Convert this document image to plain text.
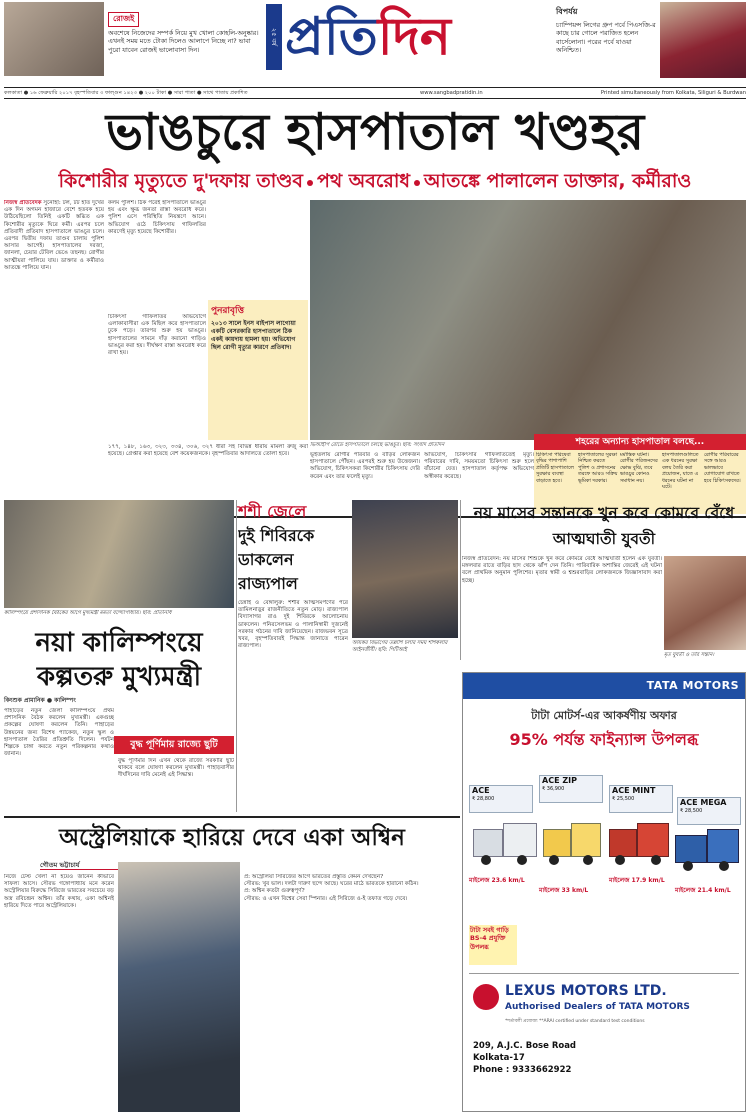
রোজই
অবশেষে নিজেদের সম্পর্ক নিয়ে মুখ খোলা কোহলি-অনুষ্কার। এখনই সময় মতে টোকা দিলেও আলাপে নিচ্ছে না? ভাবা পুরো যাবেন রোজই ভালোবাসা দিন।
২৫ বর্ষ প্রতিদিন	বিপর্যয়
চ্যাম্পিয়ন্স লিগের গ্রুপ পর্বে পিএসজি-র কাছে চার গোলে পরাজিত হলেন বার্সেলোনা। পরের পর্বে যাওয়া অনিশ্চিত।
কলকাতা ● ১৬ ফেব্রুয়ারি ২০১৭ বৃহস্পতিবার ৩ ফাল্গুন ১৪২৩ ● ২০০ টাকা ● সারা পাতা ● সাথে পাতায় প্রকাশিত	www.sangbadpratidin.in	Printed simultaneously from Kolkata, Siliguri & Burdwan
ভাঙচুরে হাসপাতাল খণ্ডহর
কিশোরীর মৃত্যুতে দু'দফায় তাণ্ডব পথ অবরোধ আতঙ্কে পালালেন ডাক্তার, কর্মীরাও
নিজস্ব প্রতিবেদক সুনোহা: টল, টট হাত দুখের এক দিন অগমন হাজারে বেশে হতবক হয়ে উঠিয়েছিলো তিনিই একটি স্তব্ধিত এক কিশোরীর মৃত্যুকে ঘিরে কর্মী। এরপর চলে প্রতিবাদী প্রতিবাদ হাসপাতালে ভাঙচুর চলে। এরপর দ্বিতীয় দফায় তাণ্ডব চালায় পুলিশ আসার আগেই। হাসপাতালের দরজা, জানলা, চেয়ার টেবিল ভেঙে তছনছ। রোগীর আত্মীয়রা পালিয়ে যায়। ডাক্তার ও কর্মীরাও আতঙ্কে পালিয়ে যান।
কলম পুলিশ। ঠিক পরেই হাসপাতালে ভাঙচুর হয় এবং ক্ষুব্ধ জনতা রাস্তা অবরোধ করে। পুলিশ এসে পরিস্থিতি নিয়ন্ত্রণে আনে। অভিযোগ ওঠে চিকিৎসায় গাফিলতির কারণেই মৃত্যু হয়েছে কিশোরীর।
পুনরাবৃত্তি
২০১৩ সালে ইনস বাইপাস লাগোয়া একটি বেসরকারি হাসপাতালে ঠিক একই কায়দায় হামলা হয়। অভিযোগ ছিল রোগী মৃত্যুর কারণে প্রতিবাদ।
চিকিৎসা গাফিলতির অভিযোগে এলাকাবাসীরা এক মিছিল করে হাসপাতালে ঢুকে পড়ে। তারপর শুরু হয় ভাঙচুর। হাসপাতালের সামনে দাঁড় করানো গাড়িও ভাঙচুর করা হয়। দীর্ঘক্ষণ রাস্তা অবরোধ করে রাখা হয়।
১৭৭, ১৪৮, ১৬৩, ৩২৩, ৩৩৪, ৩০৬, ৩২৭ ধারা সহ বিভিন্ন ধারায় মামলা রুজু করা হয়েছে। গ্রেপ্তার করা হয়েছে বেশ কয়েকজনকে। বৃহস্পতিবার আদালতে তোলা হবে।
ভিআইপি রোডে হাসপাতালে চলছে ভাঙচুর। ছবি: সংবাদ প্রতিদিন
ভূইতলায় রোগীর পরিবার ও বাড়ির লোকজন হাসপাতালে পৌঁছন। এরপরই শুরু হয় উত্তেজনা। অভিযোগ, চিকিৎসকরা কিশোরীর চিকিৎসায় দেরি করেন এবং তার ফলেই মৃত্যু।
অভিযোগ, চিকিৎসার গাফিলতিতেই মৃত্যু। পরিবারের দাবি, সময়মতো চিকিৎসা শুরু হলে বাঁচানো যেত। হাসপাতাল কর্তৃপক্ষ অভিযোগ অস্বীকার করেছে।
শহরের অন্যান্য হাসপাতাল বলছে...
চিকিৎসা পরিষেবা বৃদ্ধির পাশাপাশি প্রতিটি হাসপাতালে সুরক্ষার ব্যবস্থা বাড়াতে হবে।
হাসপাতালের সুরক্ষা নিশ্চিত করতে পুলিশ ও প্রশাসনের তরফে আরও সক্রিয় ভূমিকা দরকার।
মর্মান্তিক ঘটনা। রোগীর পরিজনদের ক্ষোভ বুঝি, তবে ভাঙচুর কোনও সমাধান নয়।
হাসপাতালগুলিতে এক ধরনের সুরক্ষা বলয় তৈরি করা প্রয়োজন, যাতে এ ধরনের ঘটনা না ঘটে।
রোগীর পরিবারের সঙ্গে আরও ভালভাবে যোগাযোগ রাখতে হবে চিকিৎসকদের।
কালিম্পংয়ে প্রশাসনিক বৈঠকের আগে মুখ্যমন্ত্রী মমতা বন্দ্যোপাধ্যায়। ছবি: প্রতিনিধি
শশী জেলে
দুই শিবিরকে ডাকলেন রাজ্যপাল
আয়কর বিভাগের তল্লাশি চলার সময় শশিকলার আইনজীবী। ছবি: পিটিআই
চেন্নাই ও বেঙ্গালুরু: শশীর আত্মসমর্পণের পরে তামিলনাড়ুর রাজনীতিতে নতুন মোড়। রাজ্যপাল বিদ্যাসাগর রাও দুই শিবিরকে আলোচনায় ডাকলেন। পনিরসেলভম ও পালানিস্বামী দুজনেই সরকার গঠনের দাবি জানিয়েছেন। রাজভবন সূত্রে খবর, বৃহস্পতিবারই সিদ্ধান্ত জানাতে পারেন রাজ্যপাল।
নয় মাসের সন্তানকে খুন করে কোমরে বেঁধে আত্মঘাতী যুবতী
নিজস্ব প্রতিবেদন: নয় মাসের শিশুকে খুন করে কোমরে বেঁধে আত্মঘাতী হলেন এক যুবতী। মঙ্গলবার রাতে বাড়ির ছাদ থেকে ঝাঁপ দেন তিনি। পারিবারিক অশান্তির জেরেই এই ঘটনা বলে প্রাথমিক অনুমান পুলিশের। মৃতার স্বামী ও শ্বশুরবাড়ির লোকজনকে জিজ্ঞাসাবাদ করা হচ্ছে।
মৃত যুবতী ও তাঁর সন্তান।
নয়া কালিম্পংয়ে
কল্পতরু মুখ্যমন্ত্রী
কিংশুক প্রামানিক ● কালিম্পং
পাহাড়ের নতুন জেলা কালিম্পংয়ে প্রথম প্রশাসনিক বৈঠক করলেন মুখ্যমন্ত্রী। একগুচ্ছ প্রকল্পের ঘোষণা করলেন তিনি। পাহাড়ের উন্নয়নের জন্য বিশেষ প্যাকেজ, নতুন স্কুল ও হাসপাতাল তৈরির প্রতিশ্রুতি দিলেন। পর্যটন শিল্পকে চাঙ্গা করতে নতুন পরিকল্পনার কথাও জানান।
বুদ্ধ পূর্ণিমায় রাজ্যে ছুটি
বুদ্ধ পূর্ণিমার দিন এখন থেকে রাজ্যে সরকারি ছুটি থাকবে বলে ঘোষণা করলেন মুখ্যমন্ত্রী। পাহাড়বাসীর দীর্ঘদিনের দাবি মেনেই এই সিদ্ধান্ত।
অস্ট্রেলিয়াকে হারিয়ে দেবে একা অশ্বিন
গৌতম ভট্টাচার্য
নিজে টেস্ট খেলা না হয়েও জানেন কীভাবে সাফল্য আসে। সৌরভ গঙ্গোপাধ্যায় মনে করেন অস্ট্রেলিয়ার বিরুদ্ধে সিরিজে ভারতের সবচেয়ে বড় অস্ত্র রবিচন্দ্রন অশ্বিন। তাঁর কথায়, একা অশ্বিনই হারিয়ে দিতে পারে অস্ট্রেলিয়াকে।
প্র: অস্ট্রেলিয়া সিরিজের আগে ভারতের প্রস্তুতি কেমন দেখছেন?
সৌরভ: খুব ভাল। দলটা দারুণ ছন্দে আছে। ঘরের মাঠে ভারতকে হারানো কঠিন।
প্র: অশ্বিন কতটা গুরুত্বপূর্ণ?
সৌরভ: ও এখন বিশ্বের সেরা স্পিনার। এই সিরিজে ও-ই তফাত গড়ে দেবে।
TATA MOTORS
টাটা মোটর্স-এর আকর্ষণীয় অফার
95% পর্যন্ত ফাইন্যান্স উপলব্ধ
ACE
₹ 28,800
ACE ZIP
₹ 36,900	ACE MINT
₹ 25,500	ACE MEGA
₹ 28,500
মাইলেজ 23.6 km/L
মাইলেজ 33 km/L
মাইলেজ 17.9 km/L
মাইলেজ 21.4 km/L
টাটা সবই গাড়ি BS-4 প্রযুক্তি উপলব্ধ
LEXUS MOTORS LTD.
Authorised Dealers of TATA MOTORS
*শর্তাবলী প্রযোজ্য **ARAI certified under standard test conditions
209, A.J.C. Bose Road
Kolkata-17
Phone : 9333662922
